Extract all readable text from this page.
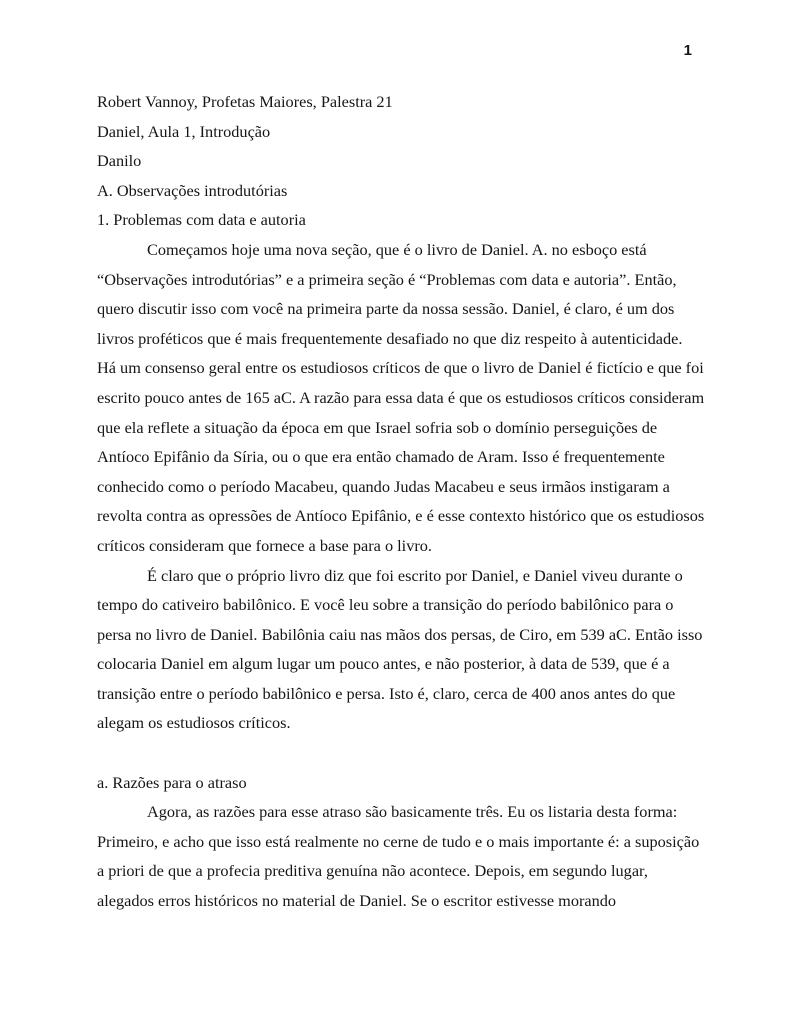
1

Robert Vannoy, Profetas Maiores, Palestra 21

Daniel, Aula 1, Introdução

Danilo

A. Observações introdutórias

1. Problemas com data e autoria

Começamos hoje uma nova seção, que é o livro de Daniel. A. no esboço está “Observações introdutórias” e a primeira seção é “Problemas com data e autoria”. Então, quero discutir isso com você na primeira parte da nossa sessão. Daniel, é claro, é um dos livros proféticos que é mais frequentemente desafiado no que diz respeito à autenticidade. Há um consenso geral entre os estudiosos críticos de que o livro de Daniel é fictício e que foi escrito pouco antes de 165 aC. A razão para essa data é que os estudiosos críticos consideram que ela reflete a situação da época em que Israel sofria sob o domínio perseguições de Antíoco Epifânio da Síria, ou o que era então chamado de Aram. Isso é frequentemente conhecido como o período Macabeu, quando Judas Macabeu e seus irmãos instigaram a revolta contra as opressões de Antíoco Epifânio, e é esse contexto histórico que os estudiosos críticos consideram que fornece a base para o livro.

É claro que o próprio livro diz que foi escrito por Daniel, e Daniel viveu durante o tempo do cativeiro babilônico. E você leu sobre a transição do período babilônico para o persa no livro de Daniel. Babilônia caiu nas mãos dos persas, de Ciro, em 539 aC. Então isso colocaria Daniel em algum lugar um pouco antes, e não posterior, à data de 539, que é a transição entre o período babilônico e persa. Isto é, claro, cerca de 400 anos antes do que alegam os estudiosos críticos.

a. Razões para o atraso

Agora, as razões para esse atraso são basicamente três. Eu os listaria desta forma: Primeiro, e acho que isso está realmente no cerne de tudo e o mais importante é: a suposição a priori de que a profecia preditiva genuína não acontece. Depois, em segundo lugar, alegados erros históricos no material de Daniel. Se o escritor estivesse morando
